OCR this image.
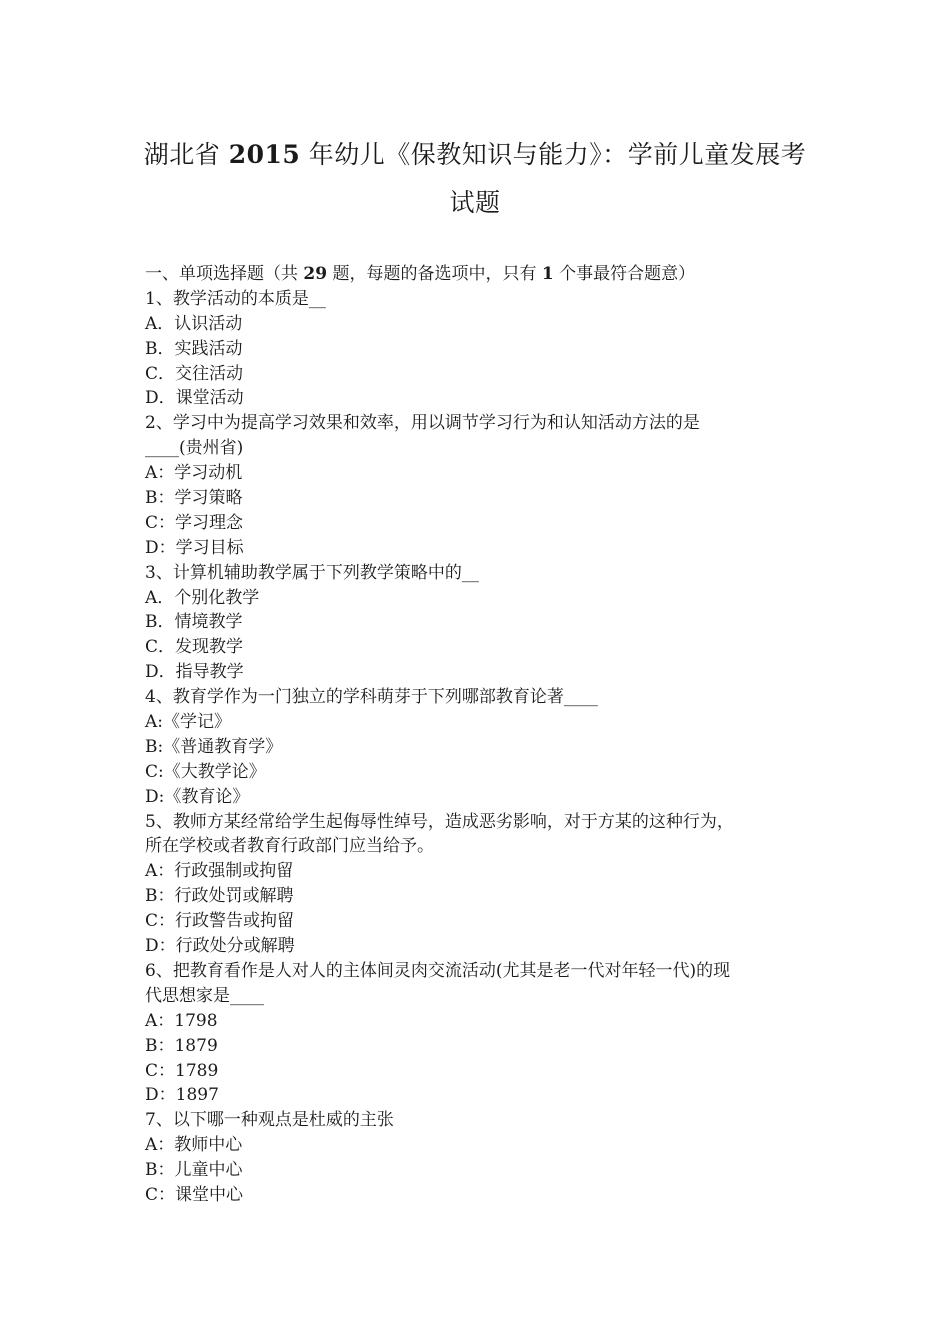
湖北省 2015 年幼儿《保教知识与能力》：学前儿童发展考
试题
一、单项选择题（共 29 题，每题的备选项中，只有 1 个事最符合题意）
1、教学活动的本质是__
A．认识活动
B．实践活动
C．交往活动
D．课堂活动
2、学习中为提高学习效果和效率，用以调节学习行为和认知活动方法的是
____(贵州省)
A：学习动机
B：学习策略
C：学习理念
D：学习目标
3、计算机辅助教学属于下列教学策略中的__
A．个别化教学
B．情境教学
C．发现教学
D．指导教学
4、教育学作为一门独立的学科萌芽于下列哪部教育论著____
A:《学记》
B:《普通教育学》
C:《大教学论》
D:《教育论》
5、教师方某经常给学生起侮辱性绰号，造成恶劣影响，对于方某的这种行为，
所在学校或者教育行政部门应当给予。
A：行政强制或拘留
B：行政处罚或解聘
C：行政警告或拘留
D：行政处分或解聘
6、把教育看作是人对人的主体间灵肉交流活动(尤其是老一代对年轻一代)的现
代思想家是____
A：1798
B：1879
C：1789
D：1897
7、以下哪一种观点是杜威的主张
A：教师中心
B：儿童中心
C：课堂中心
